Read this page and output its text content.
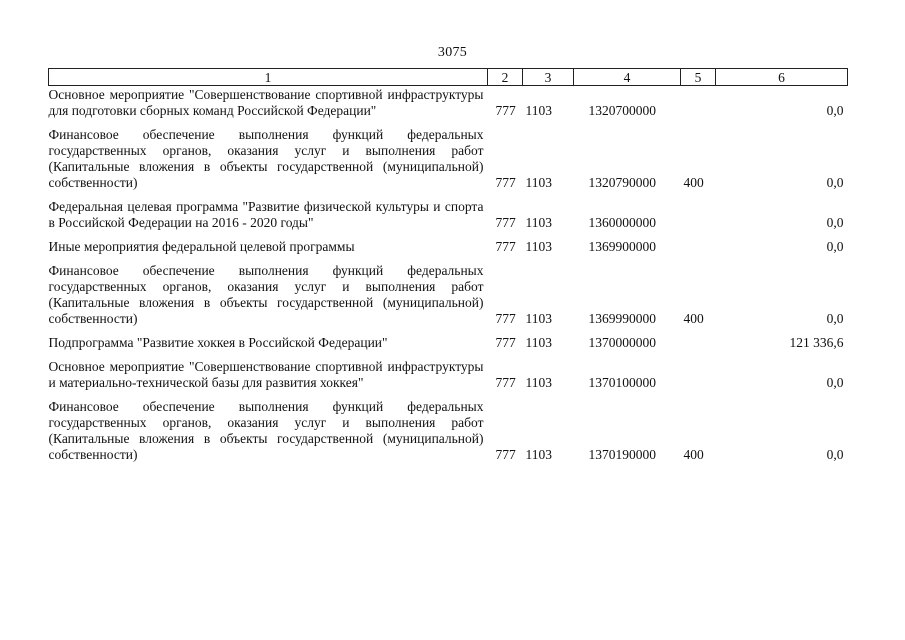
3075
1	2	3	4	5	6
Основное мероприятие "Совершенствование спортивной инфраструктуры для подготовки сборных команд Российской Федерации"	777	1103	1320700000		0,0
Финансовое обеспечение выполнения функций федеральных государственных органов, оказания услуг и выполнения работ (Капитальные вложения в объекты государственной (муниципальной) собственности)	777	1103	1320790000	400	0,0
Федеральная целевая программа "Развитие физической культуры и спорта в Российской Федерации на 2016 - 2020 годы"	777	1103	1360000000		0,0
Иные мероприятия федеральной целевой программы	777	1103	1369900000		0,0
Финансовое обеспечение выполнения функций федеральных государственных органов, оказания услуг и выполнения работ (Капитальные вложения в объекты государственной (муниципальной) собственности)	777	1103	1369990000	400	0,0
Подпрограмма "Развитие хоккея в Российской Федерации"	777	1103	1370000000		121 336,6
Основное мероприятие "Совершенствование спортивной инфраструктуры и материально-технической базы для развития хоккея"	777	1103	1370100000		0,0
Финансовое обеспечение выполнения функций федеральных государственных органов, оказания услуг и выполнения работ (Капитальные вложения в объекты государственной (муниципальной) собственности)	777	1103	1370190000	400	0,0
